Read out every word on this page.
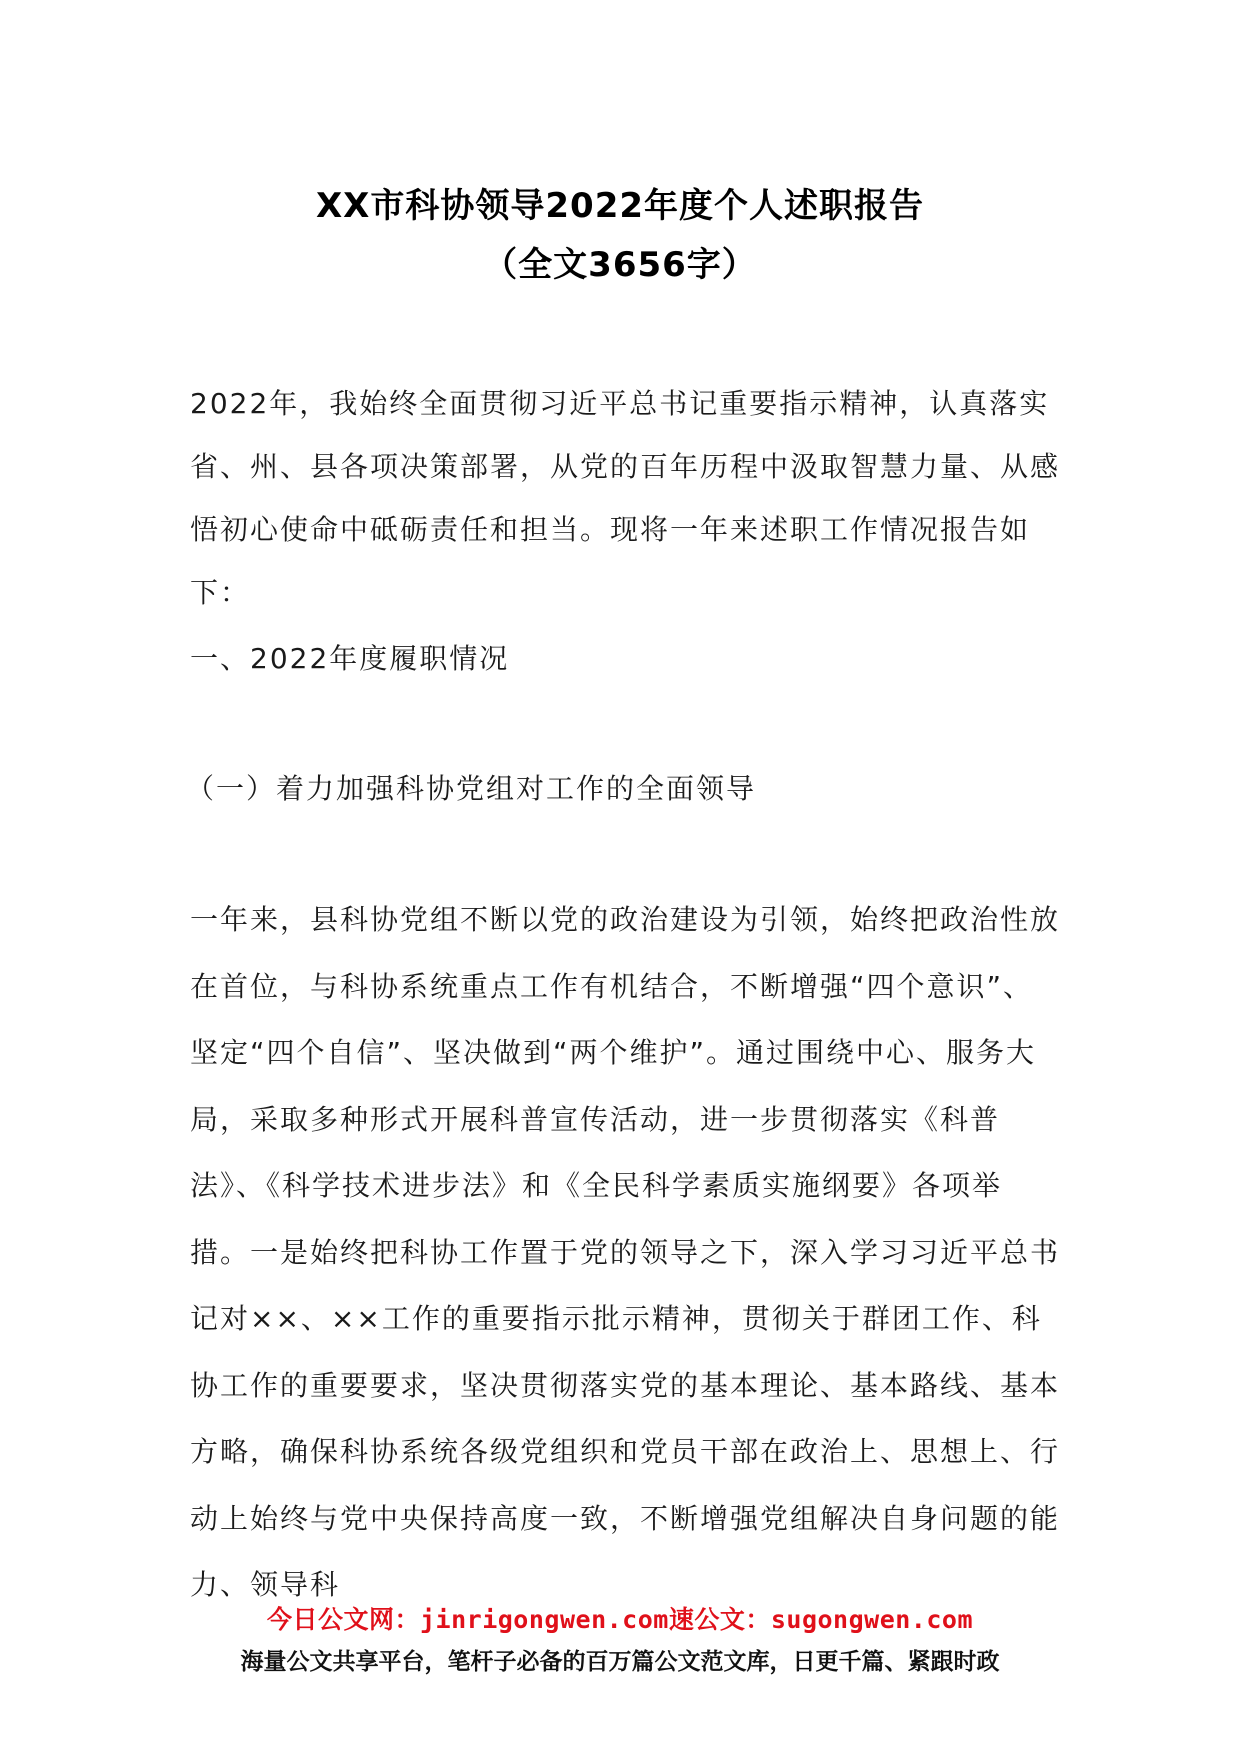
XX市科协领导2022年度个人述职报告
（全文3656字）

2022年，我始终全面贯彻习近平总书记重要指示精神，认真落实省、州、县各项决策部署，从党的百年历程中汲取智慧力量、从感悟初心使命中砥砺责任和担当。现将一年来述职工作情况报告如下：

一、2022年度履职情况
（一）着力加强科协党组对工作的全面领导

一年来，县科协党组不断以党的政治建设为引领，始终把政治性放在首位，与科协系统重点工作有机结合，不断增强“四个意识”、坚定“四个自信”、坚决做到“两个维护”。通过围绕中心、服务大局，采取多种形式开展科普宣传活动，进一步贯彻落实《科普法》、《科学技术进步法》和《全民科学素质实施纲要》各项举措。一是始终把科协工作置于党的领导之下，深入学习习近平总书记对××、××工作的重要指示批示精神，贯彻关于群团工作、科协工作的重要要求，坚决贯彻落实党的基本理论、基本路线、基本方略，确保科协系统各级党组织和党员干部在政治上、思想上、行动上始终与党中央保持高度一致，不断增强党组解决自身问题的能力、领导科

今日公文网：jinrigongwen.com速公文：sugongwen.com
海量公文共享平台，笔杆子必备的百万篇公文范文库，日更千篇、紧跟时政
